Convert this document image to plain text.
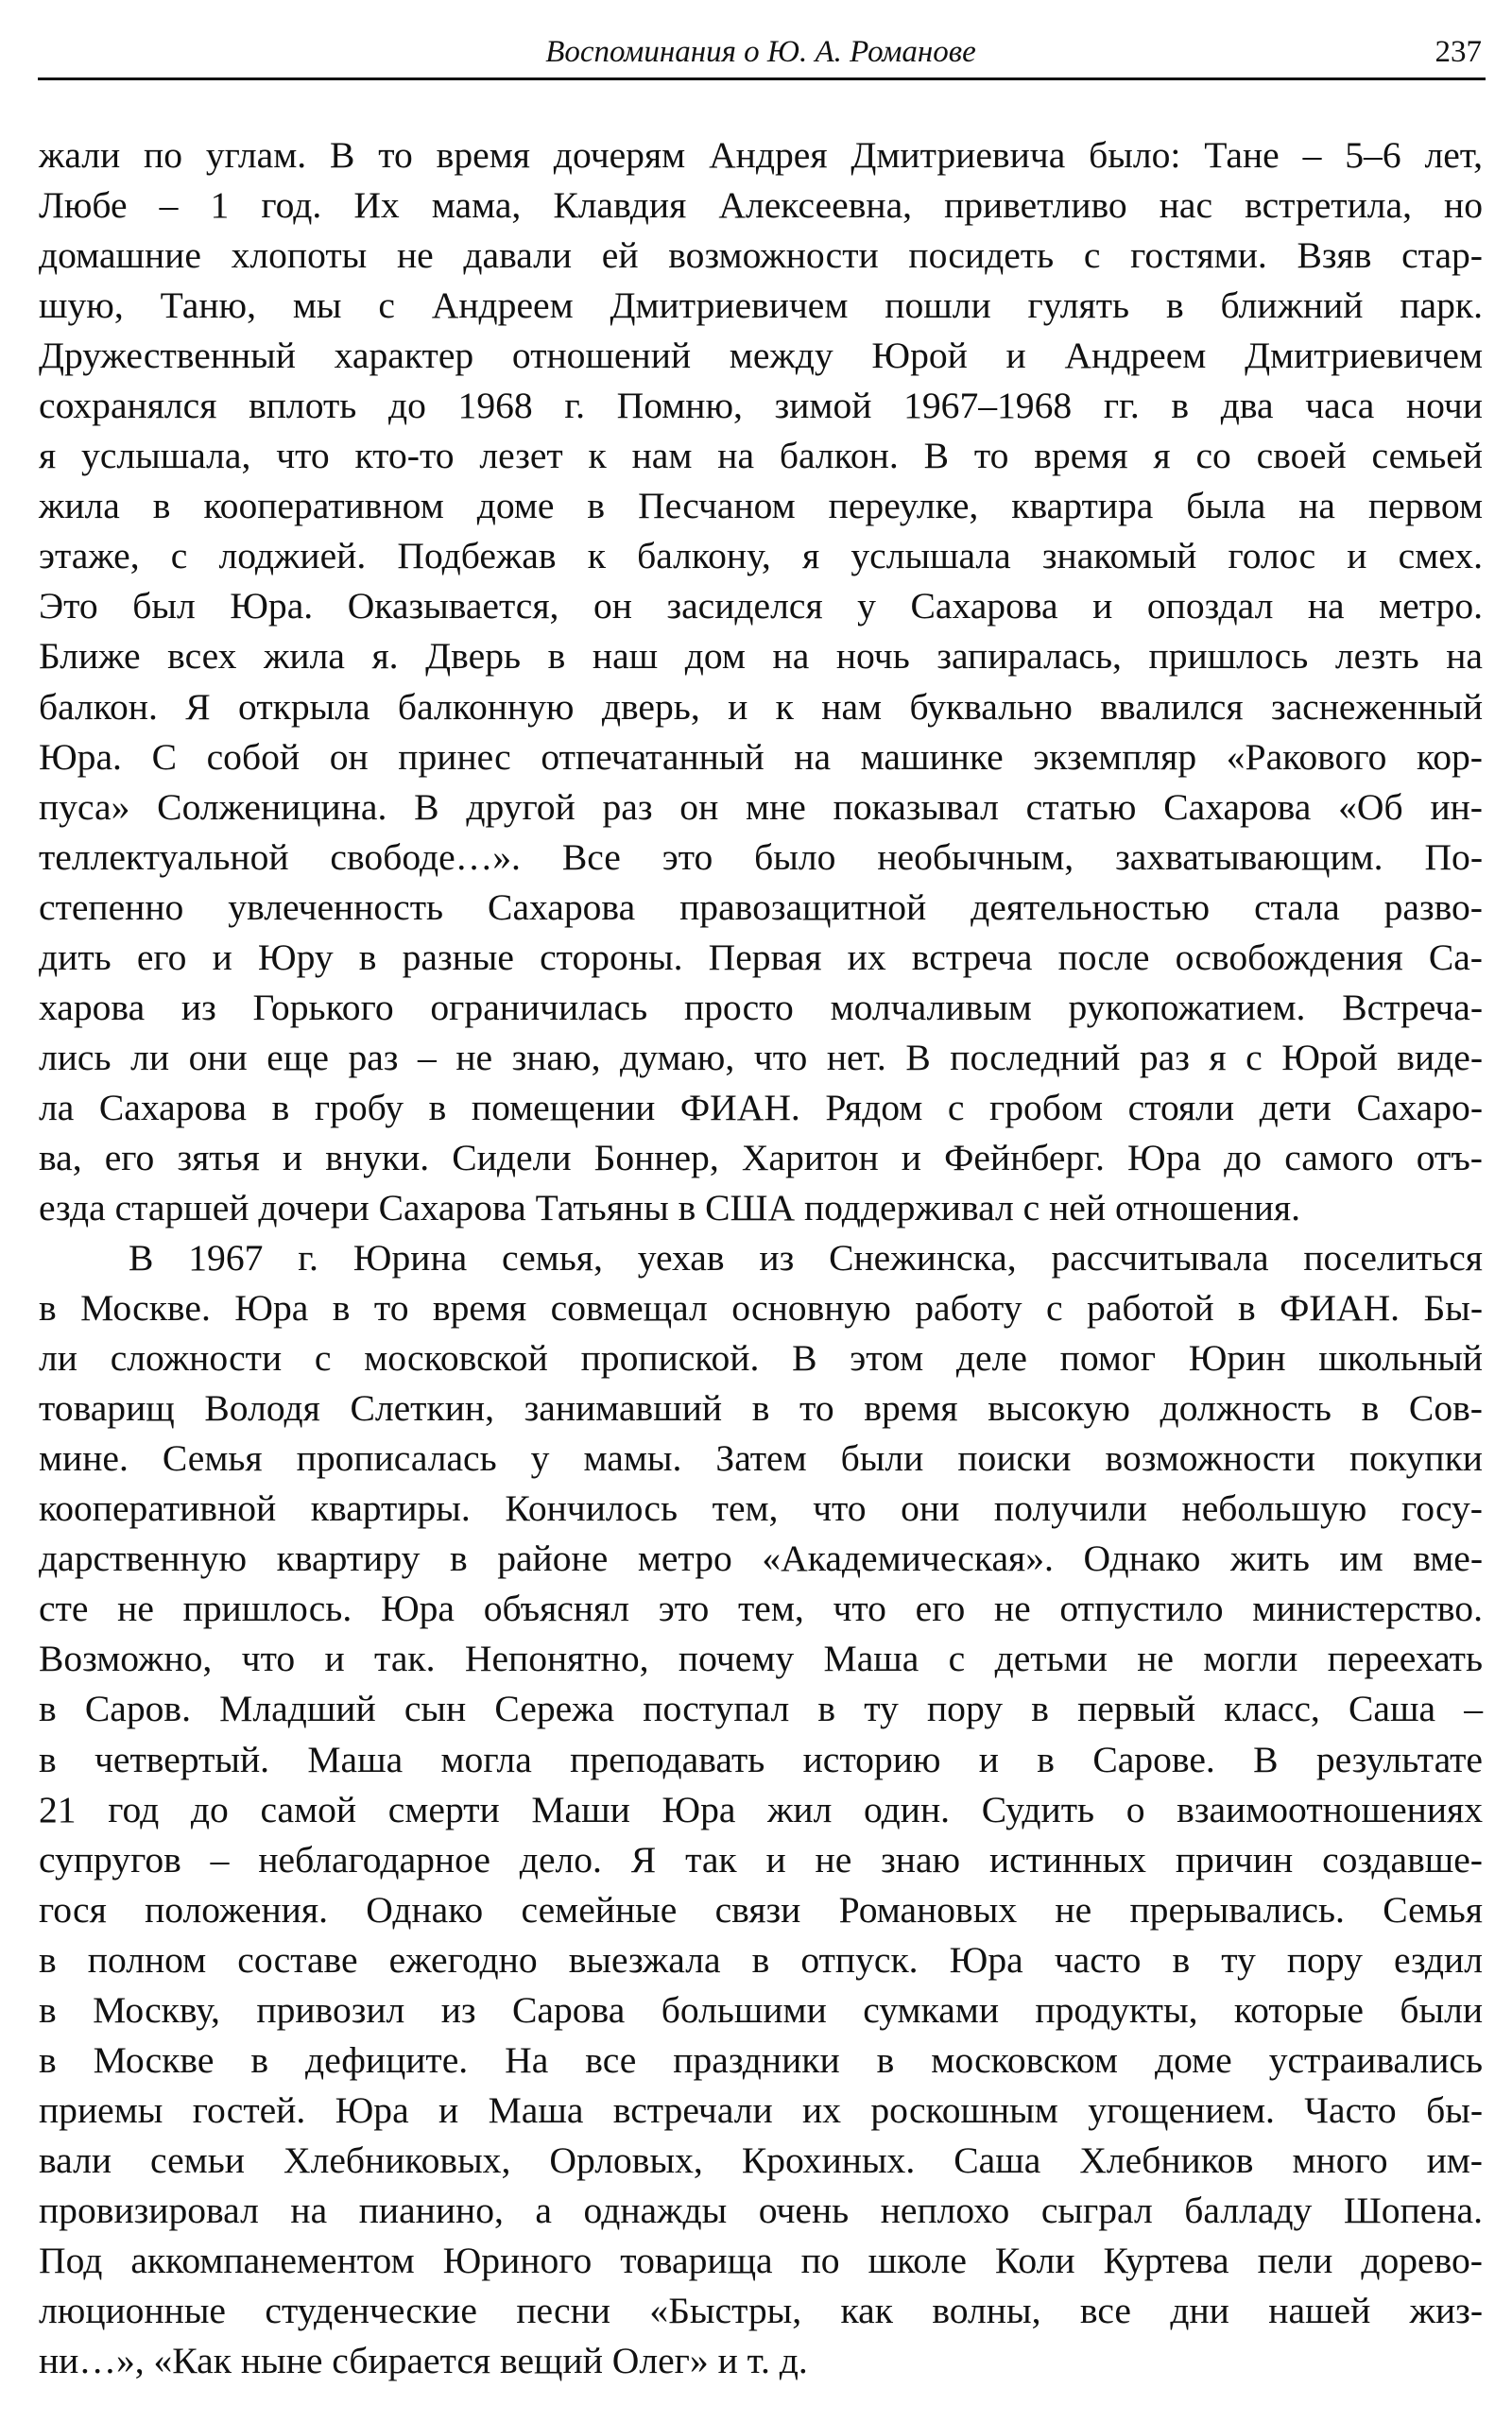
Воспоминания о Ю. А. Романове	237
жали по углам. В то время дочерям Андрея Дмитриевича было: Тане – 5–6 лет,
Любе – 1 год. Их мама, Клавдия Алексеевна, приветливо нас встретила, но
домашние хлопоты не давали ей возможности посидеть с гостями. Взяв стар-
шую, Таню, мы с Андреем Дмитриевичем пошли гулять в ближний парк.
Дружественный характер отношений между Юрой и Андреем Дмитриевичем
сохранялся вплоть до 1968 г. Помню, зимой 1967–1968 гг. в два часа ночи
я услышала, что кто-то лезет к нам на балкон. В то время я со своей семьей
жила в кооперативном доме в Песчаном переулке, квартира была на первом
этаже, с лоджией. Подбежав к балкону, я услышала знакомый голос и смех.
Это был Юра. Оказывается, он засиделся у Сахарова и опоздал на метро.
Ближе всех жила я. Дверь в наш дом на ночь запиралась, пришлось лезть на
балкон. Я открыла балконную дверь, и к нам буквально ввалился заснеженный
Юра. С собой он принес отпечатанный на машинке экземпляр «Ракового кор-
пуса» Солженицина. В другой раз он мне показывал статью Сахарова «Об ин-
теллектуальной свободе…». Все это было необычным, захватывающим. По-
степенно увлеченность Сахарова правозащитной деятельностью стала разво-
дить его и Юру в разные стороны. Первая их встреча после освобождения Са-
харова из Горького ограничилась просто молчаливым рукопожатием. Встреча-
лись ли они еще раз – не знаю, думаю, что нет. В последний раз я с Юрой виде-
ла Сахарова в гробу в помещении ФИАН. Рядом с гробом стояли дети Сахаро-
ва, его зятья и внуки. Сидели Боннер, Харитон и Фейнберг. Юра до самого отъ-
езда старшей дочери Сахарова Татьяны в США поддерживал с ней отношения.
В 1967 г. Юрина семья, уехав из Снежинска, рассчитывала поселиться
в Москве. Юра в то время совмещал основную работу с работой в ФИАН. Бы-
ли сложности с московской пропиской. В этом деле помог Юрин школьный
товарищ Володя Слеткин, занимавший в то время высокую должность в Сов-
мине. Семья прописалась у мамы. Затем были поиски возможности покупки
кооперативной квартиры. Кончилось тем, что они получили небольшую госу-
дарственную квартиру в районе метро «Академическая». Однако жить им вме-
сте не пришлось. Юра объяснял это тем, что его не отпустило министерство.
Возможно, что и так. Непонятно, почему Маша с детьми не могли переехать
в Саров. Младший сын Сережа поступал в ту пору в первый класс, Саша –
в четвертый. Маша могла преподавать историю и в Сарове. В результате
21 год до самой смерти Маши Юра жил один. Судить о взаимоотношениях
супругов – неблагодарное дело. Я так и не знаю истинных причин создавше-
гося положения. Однако семейные связи Романовых не прерывались. Семья
в полном составе ежегодно выезжала в отпуск. Юра часто в ту пору ездил
в Москву, привозил из Сарова большими сумками продукты, которые были
в Москве в дефиците. На все праздники в московском доме устраивались
приемы гостей. Юра и Маша встречали их роскошным угощением. Часто бы-
вали семьи Хлебниковых, Орловых, Крохиных. Саша Хлебников много им-
провизировал на пианино, а однажды очень неплохо сыграл балладу Шопена.
Под аккомпанементом Юриного товарища по школе Коли Куртева пели дорево-
люционные студенческие песни «Быстры, как волны, все дни нашей жиз-
ни…», «Как ныне сбирается вещий Олег» и т. д.
